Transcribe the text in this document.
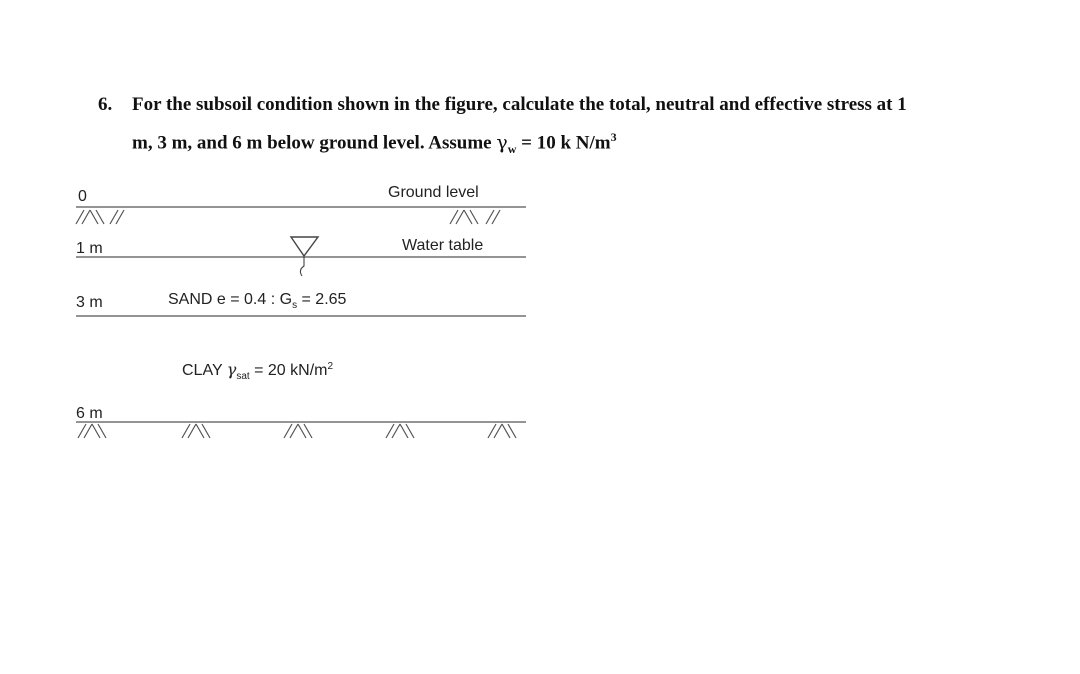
6. For the subsoil condition shown in the figure, calculate the total, neutral and effective stress at 1
m, 3 m, and 6 m below ground level. Assume $\gamma_w = 10$ k $N/m^3$
0
1 m
3 m
6 m
Ground level
Water table
SAND e = 0.4 : $G_s = 2.65$
CLAY $\gamma_{sat} = 20$ $kN/m^2$
